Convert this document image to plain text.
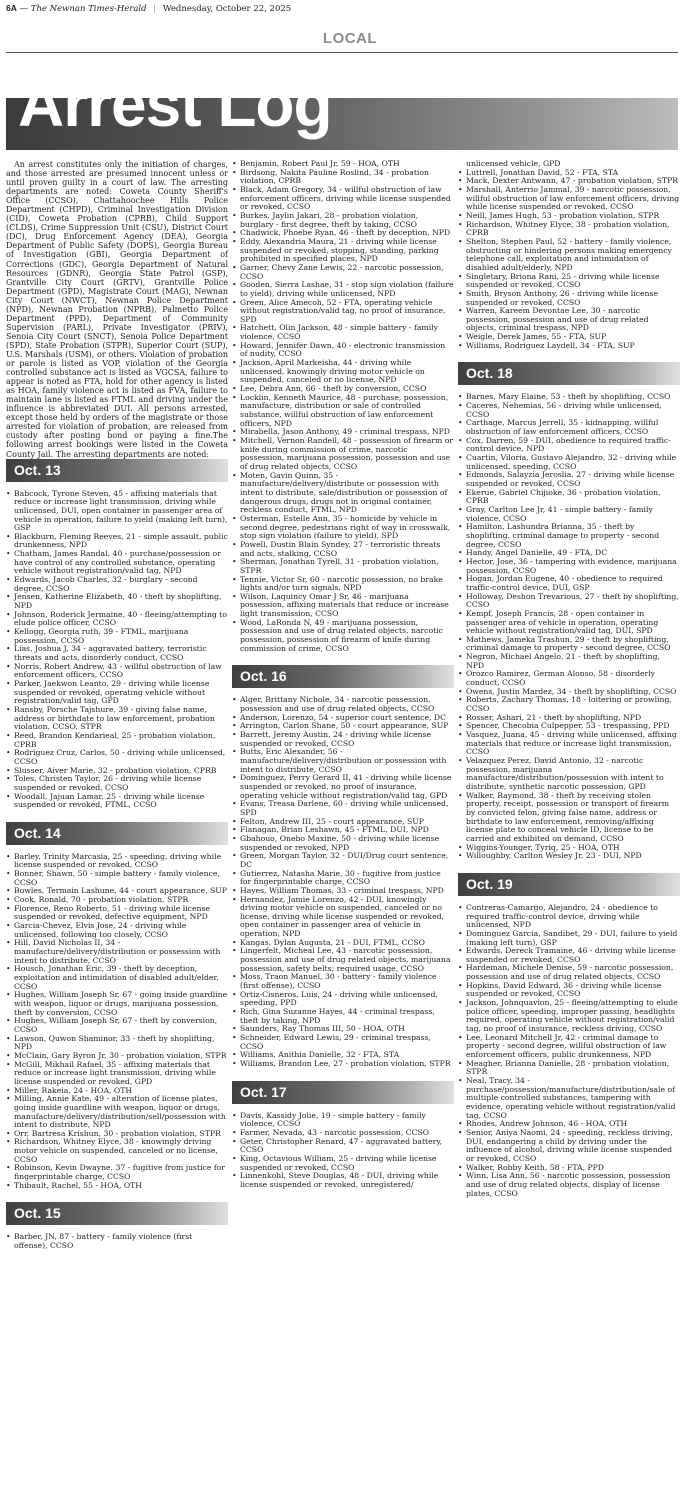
6A — The Newnan Times-Herald | Wednesday, October 22, 2025
LOCAL
Arrest Log

An arrest constitutes only the initiation of charges, and those arrested are presumed innocent unless or until proven guilty in a court of law. The arresting departments are noted: Coweta County Sheriff's Office (CCSO), Chattahoochee Hills Police Department (CHPD), Criminal Investigation Division (CID), Coweta Probation (CPRB), Child Support (CLDS), Crime Suppression Unit (CSU), District Court (DC), Drug Enforcement Agency (DEA), Georgia Department of Public Safety (DOPS), Georgia Bureau of Investigation (GBI), Georgia Department of Corrections (GDC), Georgia Department of Natural Resources (GDNR), Georgia State Patrol (GSP), Grantville City Court (GRTV), Grantville Police Department (GPD), Magistrate Court (MAG), Newnan City Court (NWCT), Newnan Police Department (NPD), Newnan Probation (NPRB), Palmetto Police Department (PPD), Department of Community Supervision (PARL), Private Investigator (PRIV), Senoia City Court (SNCT), Senoia Police Department (SPD), State Probation (STPR), Superior Court (SUP), U.S. Marshals (USM), or others. Violation of probation or parole is listed as VOP, violation of the Georgia controlled substance act is listed as VGCSA, failure to appear is noted as FTA, hold for other agency is listed as HOA, family violence act is listed as FVA, failure to maintain lane is listed as FTML and driving under the influence is abbreviated DUI. All persons arrested, except those held by orders of the magistrate or those arrested for violation of probation, are released from custody after posting bond or paying a fine.The following arrest bookings were listed in the Coweta County Jail. The arresting departments are noted:

Oct. 13
• Babcock, Tyrone Steven, 45 - affixing materials that reduce or increase light transmission, driving while unlicensed, DUI, open container in passenger area of vehicle in operation, failure to yield (making left turn), GSP
• Blackburn, Fleming Reeves, 21 - simple assault, public drunkenness, NPD
• Chatham, James Randal, 40 - purchase/possession or have control of any controlled substance, operating vehicle without registration/valid tag, NPD
• Edwards, Jacob Charles, 32 - burglary - second degree, CCSO
• Jensen, Katherine Elizabeth, 40 - theft by shoplifting, NPD
• Johnson, Roderick Jermaine, 40 - fleeing/attempting to elude police officer, CCSO
• Kellogg, Georgia ruth, 39 - FTML, marijuana possession, CCSO
• Lias, Joshua J, 34 - aggravated battery, terroristic threats and acts, disorderly conduct, CCSO
• Norris, Robert Andrew, 43 - willful obstruction of law enforcement officers, CCSO
• Parker, Jaekwon Leanto, 29 - driving while license suspended or revoked, operating vehicle without registration/valid tag, GPD
• Ransby, Porsche Tajshure, 39 - giving false name, address or birthdate to law enforcement, probation violation, CCSO, STPR
• Reed, Brandon Kendarieal, 25 - probation violation, CPRB
• Rodriguez Cruz, Carlos, 50 - driving while unlicensed, CCSO
• Slusser, Aiver Marie, 32 - probation violation, CPRB
• Toles, Christen Taylor, 26 - driving while license suspended or revoked, CCSO
• Woodall, Jajuan Lamar, 25 - driving while license suspended or revoked, FTML, CCSO
Oct. 14
• Barley, Trinity Marcasia, 25 - speeding, driving while license suspended or revoked, CCSO
• Bonner, Shawn, 50 - simple battery - family violence, CCSO
• Bowles, Termain Lashune, 44 - court appearance, SUP
• Cook, Ronald, 70 - probation violation, STPR
• Florence, Reno Roberto, 51 - driving while license suspended or revoked, defective equipment, NPD
• Garcia-Chevez, Elvis Jose, 24 - driving while unlicensed, following too closely, CCSO
• Hill, David Nicholas II, 34 - manufacture/delivery/distribution or possession with intent to distribute, CCSO
• Housch, Jonathan Eric, 39 - theft by deception, exploitation and intimidation of disabled adult/elder, CCSO
• Hughes, William Joseph Sr, 67 - going inside guardline with weapon, liquor or drugs, marijuana possession, theft by conversion, CCSO
• Hughes, William Joseph Sr, 67 - theft by conversion, CCSO
• Lawson, Quwon Shaminor, 33 - theft by shoplifting, NPD
• McClain, Gary Byron Jr, 30 - probation violation, STPR
• McGill, Mikhail Rafael, 35 - affixing materials that reduce or increase light transmission, driving while license suspended or revoked, GPD
• Miller, Rakeia, 24 - HOA, OTH
• Milling, Annie Kate, 49 - alteration of license plates, going inside guardline with weapon, liquor or drugs, manufacture/delivery/distribution/sell/possession with intent to distribute, NPD
• Orr, Bartresa Krishun, 30 - probation violation, STPR
• Richardson, Whitney Elyce, 38 - knowingly driving motor vehicle on suspended, canceled or no license, CCSO
• Robinson, Kevin Dwayne, 37 - fugitive from justice for fingerprintable charge, CCSO
• Thibault, Rachel, 55 - HOA, OTH
Oct. 15
• Barber, JN, 87 - battery - family violence (first offense), CCSO
• Benjamin, Robert Paul Jr, 59 - HOA, OTH
• Birdsong, Nakita Pauline Roslind, 34 - probation violation, CPRB
• Black, Adam Gregory, 34 - willful obstruction of law enforcement officers, driving while license suspended or revoked, CCSO
• Burkes, Jaylin Jakari, 28 - probation violation, burglary - first degree, theft by taking, CCSO
• Chadwick, Phoebe Ryan, 46 - theft by deception, NPD
• Eddy, Alexandria Maura, 21 - driving while license suspended or revoked, stopping, standing, parking prohibited in specified places, NPD
• Garner, Chevy Zane Lewis, 22 - narcotic possession, CCSO
• Gooden, Sierra Lashae, 31 - stop sign violation (failure to yield), driving while unlicensed, NPD
• Green, Alice Amecoh, 52 - FTA, operating vehicle without registration/valid tag, no proof of insurance, SPD
• Hatchett, Olin Jackson, 48 - simple battery - family violence, CCSO
• Howard, Jennifer Dawn, 40 - electronic transmission of nudity, CCSO
• Jackson, April Markeisha, 44 - driving while unlicensed, knowingly driving motor vehicle on suspended, canceled or no license, NPD
• Lee, Debra Ann, 66 - theft by conversion, CCSO
• Locklin, Kenneth Maurice, 48 - purchase, possession, manufacture, distribution or sale of controlled substance, willful obstruction of law enforcement officers, NPD
• Mirabella, Jason Anthony, 49 - criminal trespass, NPD
• Mitchell, Vernon Randell, 48 - possession of firearm or knife during commission of crime, narcotic possession, marijuana possession, possession and use of drug related objects, CCSO
• Moten, Gavin Quinn, 35 - manufacture/delivery/distribute or possession with intent to distribute, sale/distribution or possession of dangerous drugs, drugs not in original container, reckless conduct, FTML, NPD
• Osterman, Estelle Ann, 35 - homicide by vehicle in second degree, pedestrians right of way in crosswalk, stop sign violation (failure to yield), SPD
• Powell, Dustin Blain Syndey, 27 - terroristic threats and acts, stalking, CCSO
• Sherman, Jonathan Tyrell, 31 - probation violation, STPR
• Tennie, Victor Sr, 60 - narcotic possession, no brake lights and/or turn signals, NPD
• Wilson, Laquincy Omar J Sr, 46 - marijuana possession, affixing materials that reduce or increase light transmission, CCSO
• Wood, LaRonda N, 49 - marijuana possession, possession and use of drug related objects, narcotic possession, possession of firearm of knife during commission of crime, CCSO
Oct. 16
• Alger, Brittany Nichole, 34 - narcotic possession, possession and use of drug related objects, CCSO
• Anderson, Lorenzo, 54 - superior court sentence, DC
• Arrington, Carlon Shane, 50 - court appearance, SUP
• Barrett, Jeremy Austin, 24 - driving while license suspended or revoked, CCSO
• Butts, Eric Alexander, 56 - manufacture/delivery/distribution or possession with intent to distribute, CCSO
• Dominguez, Perry Gerard II, 41 - driving while license suspended or revoked, no proof of insurance, operating vehicle without registration/valid tag, GPD
• Evans, Treasa Darlene, 60 - driving while unlicensed, SPD
• Felton, Andrew III, 25 - court appearance, SUP
• Flanagan, Brian Leshawn, 45 - FTML, DUI, NPD
• Gbahouo, Onebo Maxine, 50 - driving while license suspended or revoked, NPD
• Green, Morgan Taylor, 32 - DUI/Drug court sentence, DC
• Gutierrez, Natasha Marie, 30 - fugitive from justice for fingerprintable charge, CCSO
• Hayes, William Thomas, 33 - criminal trespass, NPD
• Hernandez, Jamie Lorenzo, 42 - DUI, knowingly driving motor vehicle on suspended, canceled or no license, driving while license suspended or revoked, open container in passenger area of vehicle in operation, NPD
• Kangas, Dylan Augusta, 21 - DUI, FTML, CCSO
• Lingerfelt, Micheal Lee, 43 - narcotic possession, possession and use of drug related objects, marijuana possession, safety belts; required usage, CCSO
• Moss, Traon Manuel, 30 - battery - family violence (first offense), CCSO
• Ortiz-Cisneros, Luis, 24 - driving while unlicensed, speeding, PPD
• Rich, Gina Suzanne Hayes, 44 - criminal trespass, theft by taking, NPD
• Saunders, Ray Thomas III, 50 - HOA, OTH
• Schneider, Edward Lewis, 29 - criminal trespass, CCSO
• Williams, Anithia Danielle, 32 - FTA, STA
• Williams, Brandon Lee, 27 - probation violation, STPR
Oct. 17
• Davis, Kassidy Jolie, 19 - simple battery - family violence, CCSO
• Farmer, Nevada, 43 - narcotic possession, CCSO
• Geter, Christopher Renard, 47 - aggravated battery, CCSO
• King, Octavious William, 25 - driving while license suspended or revoked, CCSO
• Linnenkohl, Steve Douglas, 48 - DUI, driving while license suspended or revoked, unregistered/
unlicensed vehicle, GPD
• Luttrell, Jonathan David, 52 - FTA, STA
• Mack, Dexter Antwann, 47 - probation violation, STPR
• Marshall, Anterrio Jammal, 39 - narcotic possession, willful obstruction of law enforcement officers, driving while license suspended or revoked, CCSO
• Neill, James Hugh, 53 - probation violation, STPR
• Richardson, Whitney Elyce, 38 - probation violation, CPRB
• Shelton, Stephen Paul, 52 - battery - family violence, obstructing or hindering persons making emergency telephone call, exploitation and intimidation of disabled adult/elderly, NPD
• Singletary, Briona Rani, 25 - driving while license suspended or revoked, CCSO
• Smith, Bryson Anthony, 26 - driving while license suspended or revoked, CCSO
• Warren, Kareem Devontae Lee, 30 - narcotic possession, possession and use of drug related objects, criminal trespass, NPD
• Weigle, Derek James, 55 - FTA, SUP
• Williams, Rodriguez Laydell, 34 - FTA, SUP
Oct. 18
• Barnes, Mary Elaine, 53 - theft by shoplifting, CCSO
• Caceres, Nehemias, 56 - driving while unlicensed, CCSO
• Carthage, Marcus Jerrell, 35 - kidnapping, willful obstruction of law enforcement officers, CCSO
• Cox, Darren, 59 - DUI, obedience to required traffic-control device, NPD
• Cuartin, Viloria, Gustavo Alejandro, 32 - driving while unlicensed, speeding, CCSO
• Edmonds, Salayzia Jeroslia, 27 - driving while license suspended or revoked, CCSO
• Ekerue, Gabriel Chijioke, 36 - probation violation, CPRB
• Gray, Carlton Lee Jr, 41 - simple battery - family violence, CCSO
• Hamilton, Lashundra Brianna, 35 - theft by shoplifting, criminal damage to property - second degree, CCSO
• Handy, Angel Danielle, 49 - FTA, DC
• Hector, Jose, 36 - tampering with evidence, marijuana possession, CCSO
• Hogan, Jordan Eugene, 40 - obedience to required traffic-control device, DUI, GSP
• Holloway, Deshon Trevarious, 27 - theft by shoplifting, CCSO
• Kempf, Joseph Francis, 28 - open container in passenger area of vehicle in operation, operating vehicle without registration/valid tag, DUI, SPD
• Mathews, Jameka Trashun, 29 - theft by shoplifting, criminal damage to property - second degree, CCSO
• Negron, Michael Angelo, 21 - theft by shoplifting, NPD
• Orozco Ramirez, German Alonso, 58 - disorderly conduct, CCSO
• Owens, Justin Mardez, 34 - theft by shoplifting, CCSO
• Roberts, Zachary Thomas, 18 - loitering or prowling, CCSO
• Rosser, Ashari, 21 - theft by shoplifting, NPD
• Spencer, Checobia Culpepper, 53 - trespassing, PPD
• Vasquez, Juana, 45 - driving while unlicensed, affixing materials that reduce or increase light transmission, CCSO
• Velazquez Perez, David Antonio, 32 - narcotic possession, marijuana manufacture/distribution/possession with intent to distribute, synthetic narcotic possession, GPD
• Walker, Raymond, 38 - theft by receiving stolen property, receipt, possession or transport of firearm by convicted felon, giving false name, address or birthdate to law enforcement, removing/affixing license plate to conceal vehicle ID, license to be carried and exhibited on demand, CCSO
• Wiggins-Younger, Tyriq, 25 - HOA, OTH
• Willoughby, Carlton Wesley Jr, 23 - DUI, NPD
Oct. 19
• Contreras-Camargo, Alejandro, 24 - obedience to required traffic-control device, driving while unlicensed, NPD
• Dominguez Garcia, Sandibet, 29 - DUI, failure to yield (making left turn), GSP
• Edwards, Dereck Tramaine, 46 - driving while license suspended or revoked, CCSO
• Hardeman, Michele Denise, 59 - narcotic possession, possession and use of drug related objects, CCSO
• Hopkins, David Edward, 36 - driving while license suspended or revoked, CCSO
• Jackson, Johnquavion, 25 - fleeing/attempting to elude police officer, speeding, improper passing, headlights required, operating vehicle without registration/valid tag, no proof of insurance, reckless driving, CCSO
• Lee, Leonard Mitchell Jr, 42 - criminal damage to property - second degree, willful obstruction of law enforcement officers, public drunkenness, NPD
• Meagher, Brianna Danielle, 28 - probation violation, STPR
• Neal, Tracy, 34 - purchase/possession/manufacture/distribution/sale of multiple controlled substances, tampering with evidence, operating vehicle without registration/valid tag, CCSO
• Rhodes, Andrew Johnson, 46 - HOA, OTH
• Senior, Aniya Naomi, 24 - speeding, reckless driving, DUI, endangering a child by driving under the influence of alcohol, driving while license suspended or revoked, CCSO
• Walker, Robby Keith, 58 - FTA, PPD
• Winn, Lisa Ann, 56 - narcotic possession, possession and use of drug related objects, display of license plates, CCSO
